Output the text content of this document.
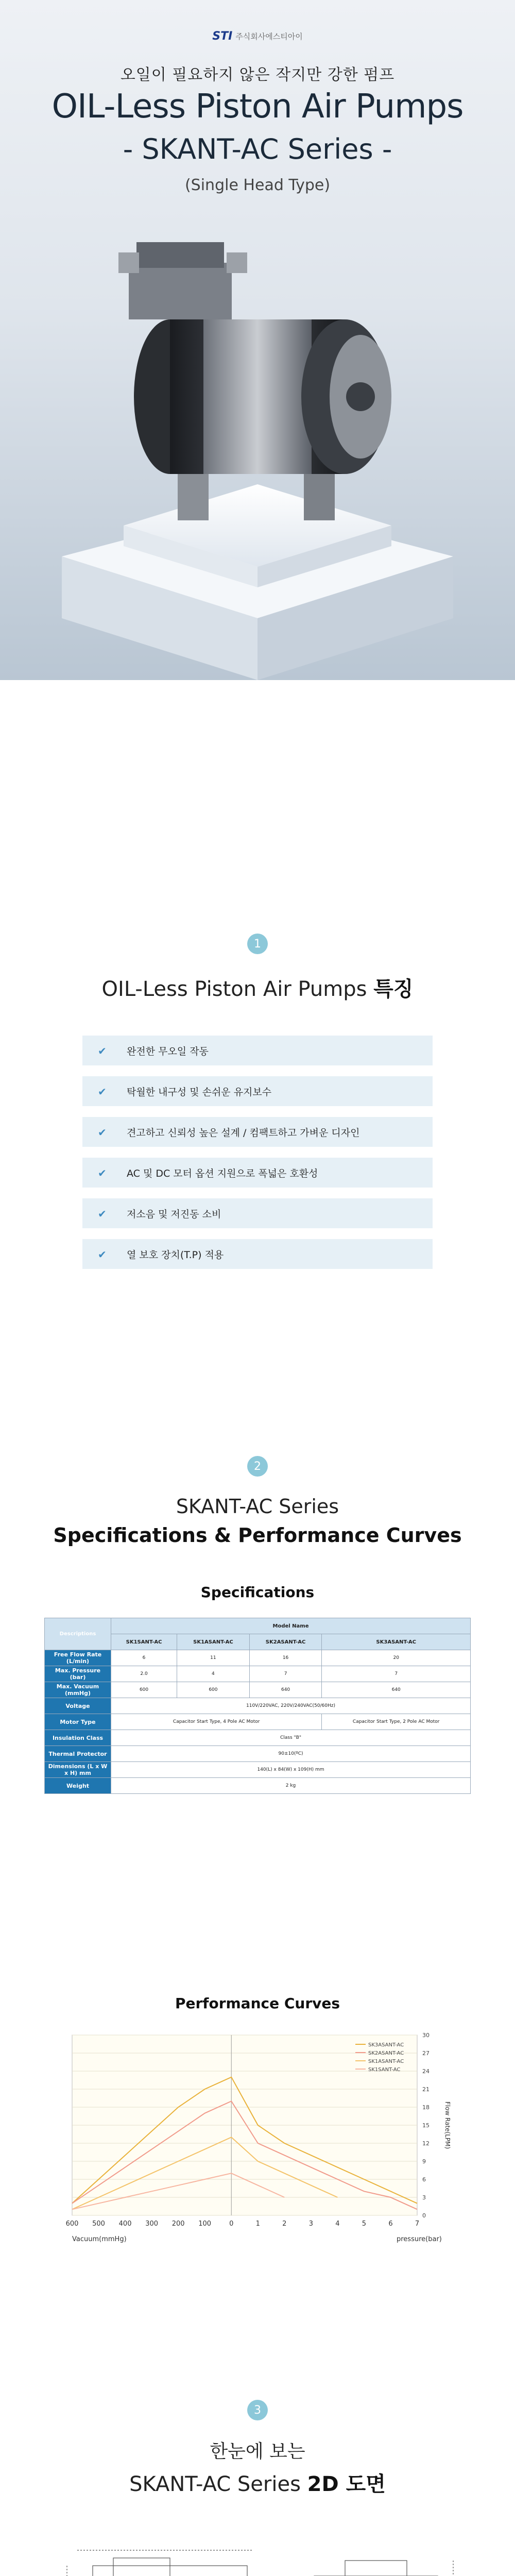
STI 주식회사에스티아이
오일이 필요하지 않은 작지만 강한 펌프
OIL-Less Piston Air Pumps
- SKANT-AC Series -
(Single Head Type)
1
OIL-Less Piston Air Pumps 특징
✔ 완전한 무오일 작동
✔ 탁월한 내구성 및 손쉬운 유지보수
✔ 견고하고 신뢰성 높은 설계 / 컴팩트하고 가벼운 디자인
✔ AC 및 DC 모터 옵션 지원으로 폭넓은 호환성
✔ 저소음 및 저진동 소비
✔ 열 보호 장치(T.P) 적용
2
SKANT-AC Series
Specifications & Performance Curves
Specifications
Descriptions	Model Name			
	SK1SANT-AC	SK1ASANT-AC	SK2ASANT-AC	SK3ASANT-AC
Free Flow Rate (L/min)	6	11	16	20
Max. Pressure (bar)	2.0	4	7	7
Max. Vacuum (mmHg)	600	600	640	640
Voltage	110V/220VAC, 220V/240VAC(50/60Hz)			
Motor Type	Capacitor Start Type, 4 Pole AC Motor			Capacitor Start Type, 2 Pole AC Motor
Insulation Class	Class "B"			
Thermal Protector	90±10(ºC)			
Dimensions (L x W x H) mm	140(L) x 84(W) x 109(H) mm			
Weight	2 kg			
Performance Curves
0
3
6
9
12
15
18
21
24
27
30
600 500 400 300 200 100	0	1	2	3	4	5	6	7
SK3ASANT-AC
SK2ASANT-AC
SK1ASANT-AC
SK1SANT-AC
Vacuum(mmHg)	pressure(bar)
Flow Rate(LPM)
3
한눈에 보는
SKANT-AC Series 2D 도면
